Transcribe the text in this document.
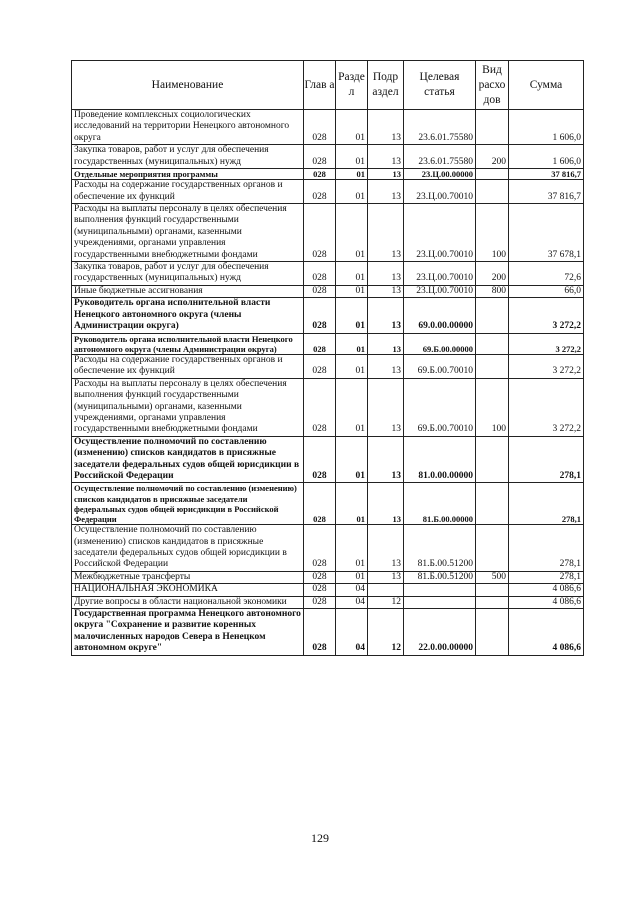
Наименование	Глав а	Разде л	Подр аздел	Целевая статья	Вид расхо дов	Сумма
Проведение комплексных социологических исследований на территории Ненецкого автономного округа	028	01	13	23.6.01.75580		1 606,0
Закупка товаров, работ и услуг для обеспечения государственных (муниципальных) нужд	028	01	13	23.6.01.75580	200	1 606,0
Отдельные мероприятия программы	028	01	13	23.Ц.00.00000		37 816,7
Расходы на содержание государственных органов и обеспечение их функций	028	01	13	23.Ц.00.70010		37 816,7
Расходы на выплаты персоналу в целях обеспечения выполнения функций государственными (муниципальными) органами, казенными учреждениями, органами управления государственными внебюджетными фондами	028	01	13	23.Ц.00.70010	100	37 678,1
Закупка товаров, работ и услуг для обеспечения государственных (муниципальных) нужд	028	01	13	23.Ц.00.70010	200	72,6
Иные бюджетные ассигнования	028	01	13	23.Ц.00.70010	800	66,0
Руководитель органа исполнительной власти Ненецкого автономного округа (члены Администрации округа)	028	01	13	69.0.00.00000		3 272,2
Руководитель органа исполнительной власти Ненецкого автономного округа (члены Администрации округа)	028	01	13	69.Б.00.00000		3 272,2
Расходы на содержание государственных органов и обеспечение их функций	028	01	13	69.Б.00.70010		3 272,2
Расходы на выплаты персоналу в целях обеспечения выполнения функций государственными (муниципальными) органами, казенными учреждениями, органами управления государственными внебюджетными фондами	028	01	13	69.Б.00.70010	100	3 272,2
Осуществление полномочий по составлению (изменению) списков кандидатов в присяжные заседатели федеральных судов общей юрисдикции в Российской Федерации	028	01	13	81.0.00.00000		278,1
Осуществление полномочий по составлению (изменению) списков кандидатов в присяжные заседатели федеральных судов общей юрисдикции в Российской Федерации	028	01	13	81.Б.00.00000		278,1
Осуществление полномочий по составлению (изменению) списков кандидатов в присяжные заседатели федеральных судов общей юрисдикции в Российской Федерации	028	01	13	81.Б.00.51200		278,1
Межбюджетные трансферты	028	01	13	81.Б.00.51200	500	278,1
НАЦИОНАЛЬНАЯ ЭКОНОМИКА	028	04				4 086,6
Другие вопросы в области национальной экономики	028	04	12			4 086,6
Государственная программа Ненецкого автономного округа "Сохранение и развитие коренных малочисленных народов Севера в Ненецком автономном округе"	028	04	12	22.0.00.00000		4 086,6
129
